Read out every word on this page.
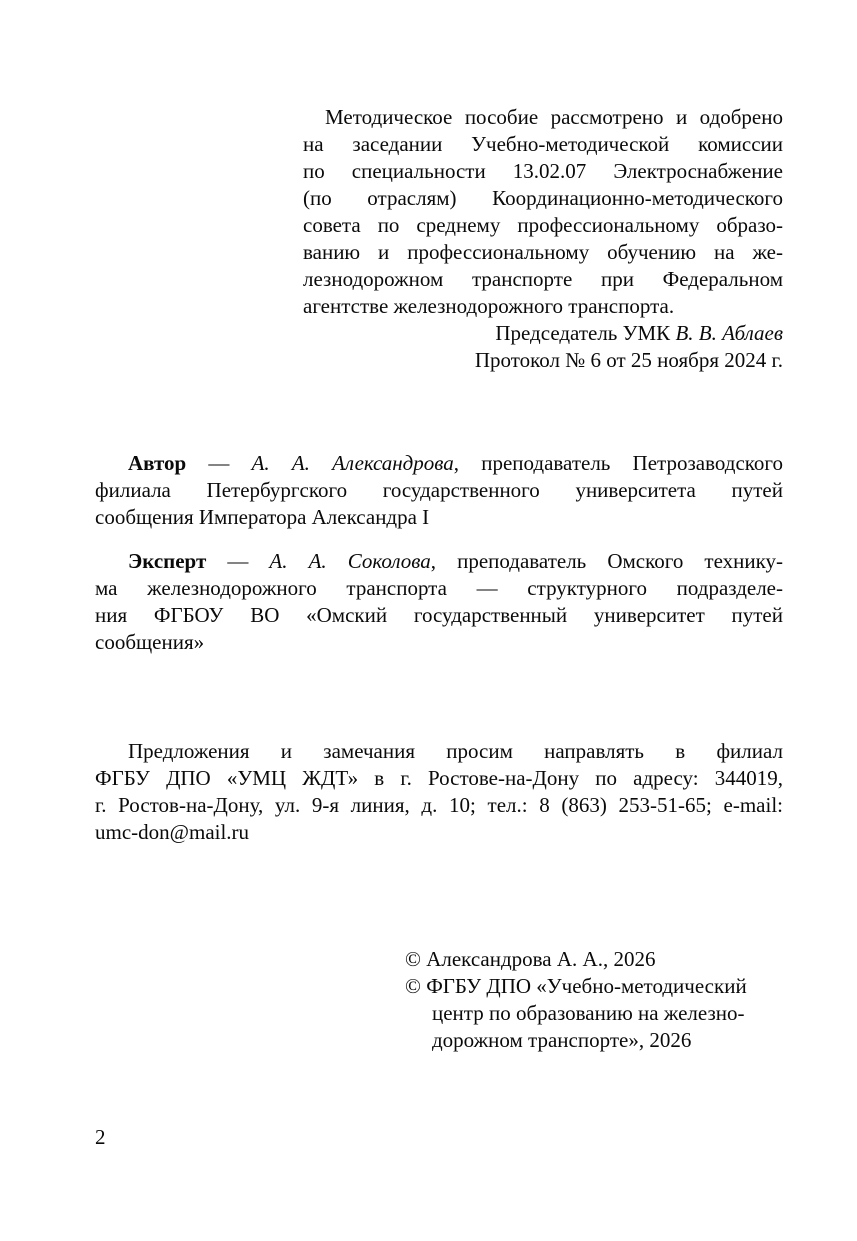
Методическое пособие рассмотрено и одобрено
на заседании Учебно-методической комиссии
по специальности 13.02.07 Электроснабжение
(по отраслям) Координационно-методического
совета по среднему профессиональному образо-
ванию и профессиональному обучению на же-
лезнодорожном транспорте при Федеральном
агентстве железнодорожного транспорта.
Председатель УМК В. В. Аблаев
Протокол № 6 от 25 ноября 2024 г.
Автор — А. А. Александрова, преподаватель Петрозаводского
филиала Петербургского государственного университета путей
сообщения Императора Александра I
Эксперт — А. А. Соколова, преподаватель Омского технику-
ма железнодорожного транспорта — структурного подразделе-
ния ФГБОУ ВО «Омский государственный университет путей
сообщения»
Предложения и замечания просим направлять в филиал
ФГБУ ДПО «УМЦ ЖДТ» в г. Ростове-на-Дону по адресу: 344019,
г. Ростов-на-Дону, ул. 9-я линия, д. 10; тел.: 8 (863) 253-51-65; e-mail:
umc-don@mail.ru
© Александрова А. А., 2026
© ФГБУ ДПО «Учебно-методический
центр по образованию на железно-
дорожном транспорте», 2026
2
